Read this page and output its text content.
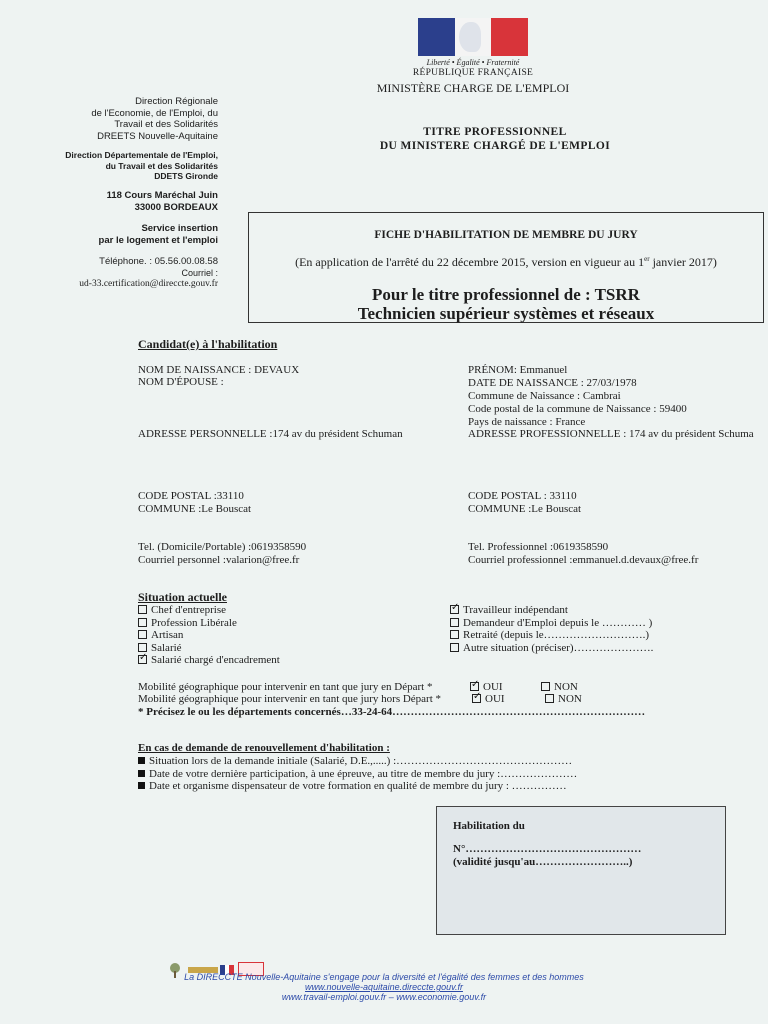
Liberté • Égalité • Fraternité
RÉPUBLIQUE FRANÇAISE
MINISTÈRE CHARGE DE L'EMPLOI
Direction Régionale
de l'Economie, de l'Emploi, du
Travail et des Solidarités
DREETS Nouvelle-Aquitaine
Direction Départementale de l'Emploi,
du Travail et des Solidarités
DDETS Gironde
118 Cours Maréchal Juin
33000 BORDEAUX
Service insertion
par le logement et l'emploi
Téléphone. : 05.56.00.08.58
Courriel :
ud-33.certification@direccte.gouv.fr
TITRE PROFESSIONNEL
DU MINISTERE CHARGÉ DE L'EMPLOI
FICHE D'HABILITATION DE MEMBRE DU JURY
(En application de l'arrêté du 22 décembre 2015, version en vigueur au 1er janvier 2017)
Pour le titre professionnel de : TSRR
Technicien supérieur systèmes et réseaux
Candidat(e) à l'habilitation
NOM DE NAISSANCE : DEVAUX
NOM D'ÉPOUSE :
ADRESSE PERSONNELLE :174 av du président Schuman
PRÉNOM: Emmanuel
DATE DE NAISSANCE : 27/03/1978
Commune de Naissance : Cambrai
Code postal de la commune de Naissance : 59400
Pays de naissance : France
ADRESSE PROFESSIONNELLE : 174 av du président Schuma
CODE POSTAL :33110
COMMUNE :Le Bouscat
CODE POSTAL : 33110
COMMUNE :Le Bouscat
Tel. (Domicile/Portable) :0619358590
Courriel personnel :valarion@free.fr
Tel. Professionnel :0619358590
Courriel professionnel :emmanuel.d.devaux@free.fr
Situation actuelle
Chef d'entreprise
Profession Libérale
Artisan
Salarié
✓Salarié chargé d'encadrement
✓Travailleur indépendant
Demandeur d'Emploi depuis le ………… )
Retraité (depuis le……………………….)
Autre situation (préciser)………………….
Mobilité géographique pour intervenir en tant que jury en Départ *
Mobilité géographique pour intervenir en tant que jury hors Départ *
✓OUI	NON
✓OUI	NON
* Précisez le ou les départements concernés…33-24-64……………………………………………………………
En cas de demande de renouvellement d'habilitation :
Situation lors de la demande initiale (Salarié, D.E.,.....) :…………………………………………
Date de votre dernière participation, à une épreuve, au titre de membre du jury :…………………
Date et organisme dispensateur de votre formation en qualité de membre du jury : ……………
Habilitation du
N°…………………………………………
(validité jusqu'au……………………..)
La DIRECCTE Nouvelle-Aquitaine s'engage pour la diversité et l'égalité des femmes et des hommes
www.nouvelle-aquitaine.direccte.gouv.fr
www.travail-emploi.gouv.fr – www.economie.gouv.fr
